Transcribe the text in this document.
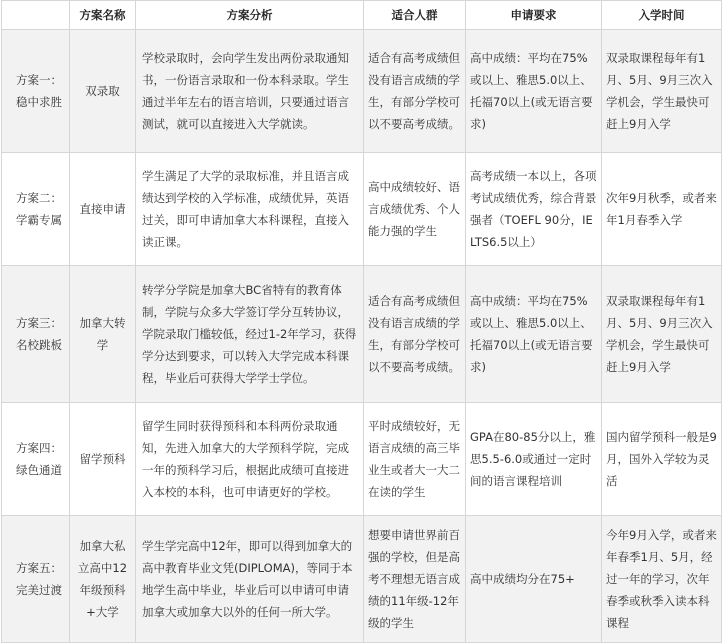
	方案名称	方案分析	适合人群	申请要求	入学时间
方案一：稳中求胜	双录取	学校录取时，会向学生发出两份录取通知书，一份语言录取和一份本科录取。学生通过半年左右的语言培训，只要通过语言测试，就可以直接进入大学就读。	适合有高考成绩但没有语言成绩的学生，有部分学校可以不要高考成绩。	高中成绩：平均在75%或以上、雅思5.0以上、托福70以上(或无语言要求)	双录取课程每年有1月、5月、9月三次入学机会，学生最快可赶上9月入学
方案二：学霸专属	直接申请	学生满足了大学的录取标准，并且语言成绩达到学校的入学标准，成绩优异，英语过关，即可申请加拿大本科课程，直接入读正课。	高中成绩较好、语言成绩优秀、个人能力强的学生	高考成绩一本以上，各项考试成绩优秀，综合背景强者（TOEFL 90分，IELTS6.5以上）	次年9月秋季，或者来年1月春季入学
方案三：名校跳板	加拿大转学	转学分学院是加拿大BC省特有的教育体制，学院与众多大学签订学分互转协议，学院录取门槛较低，经过1-2年学习，获得学分达到要求，可以转入大学完成本科课程，毕业后可获得大学学士学位。	适合有高考成绩但没有语言成绩的学生，有部分学校可以不要高考成绩。	高中成绩：平均在75%或以上、雅思5.0以上、托福70以上(或无语言要求)	双录取课程每年有1月、5月、9月三次入学机会，学生最快可赶上9月入学
方案四：绿色通道	留学预科	留学生同时获得预科和本科两份录取通知，先进入加拿大的大学预科学院，完成一年的预科学习后，根据此成绩可直接进入本校的本科，也可申请更好的学校。	平时成绩较好，无语言成绩的高三毕业生或者大一大二在读的学生	GPA在80-85分以上，雅思5.5-6.0或通过一定时间的语言课程培训	国内留学预科一般是9月，国外入学较为灵活
方案五：完美过渡	加拿大私立高中12年级预科+大学	学生学完高中12年，即可以得到加拿大的高中教育毕业文凭(DIPLOMA)，等同于本地学生高中毕业，毕业后可以申请可申请加拿大或加拿大以外的任何一所大学。	想要申请世界前百强的学校，但是高考不理想无语言成绩的11年级-12年级的学生	高中成绩均分在75+	今年9月入学，或者来年春季1月、5月，经过一年的学习，次年春季或秋季入读本科课程
